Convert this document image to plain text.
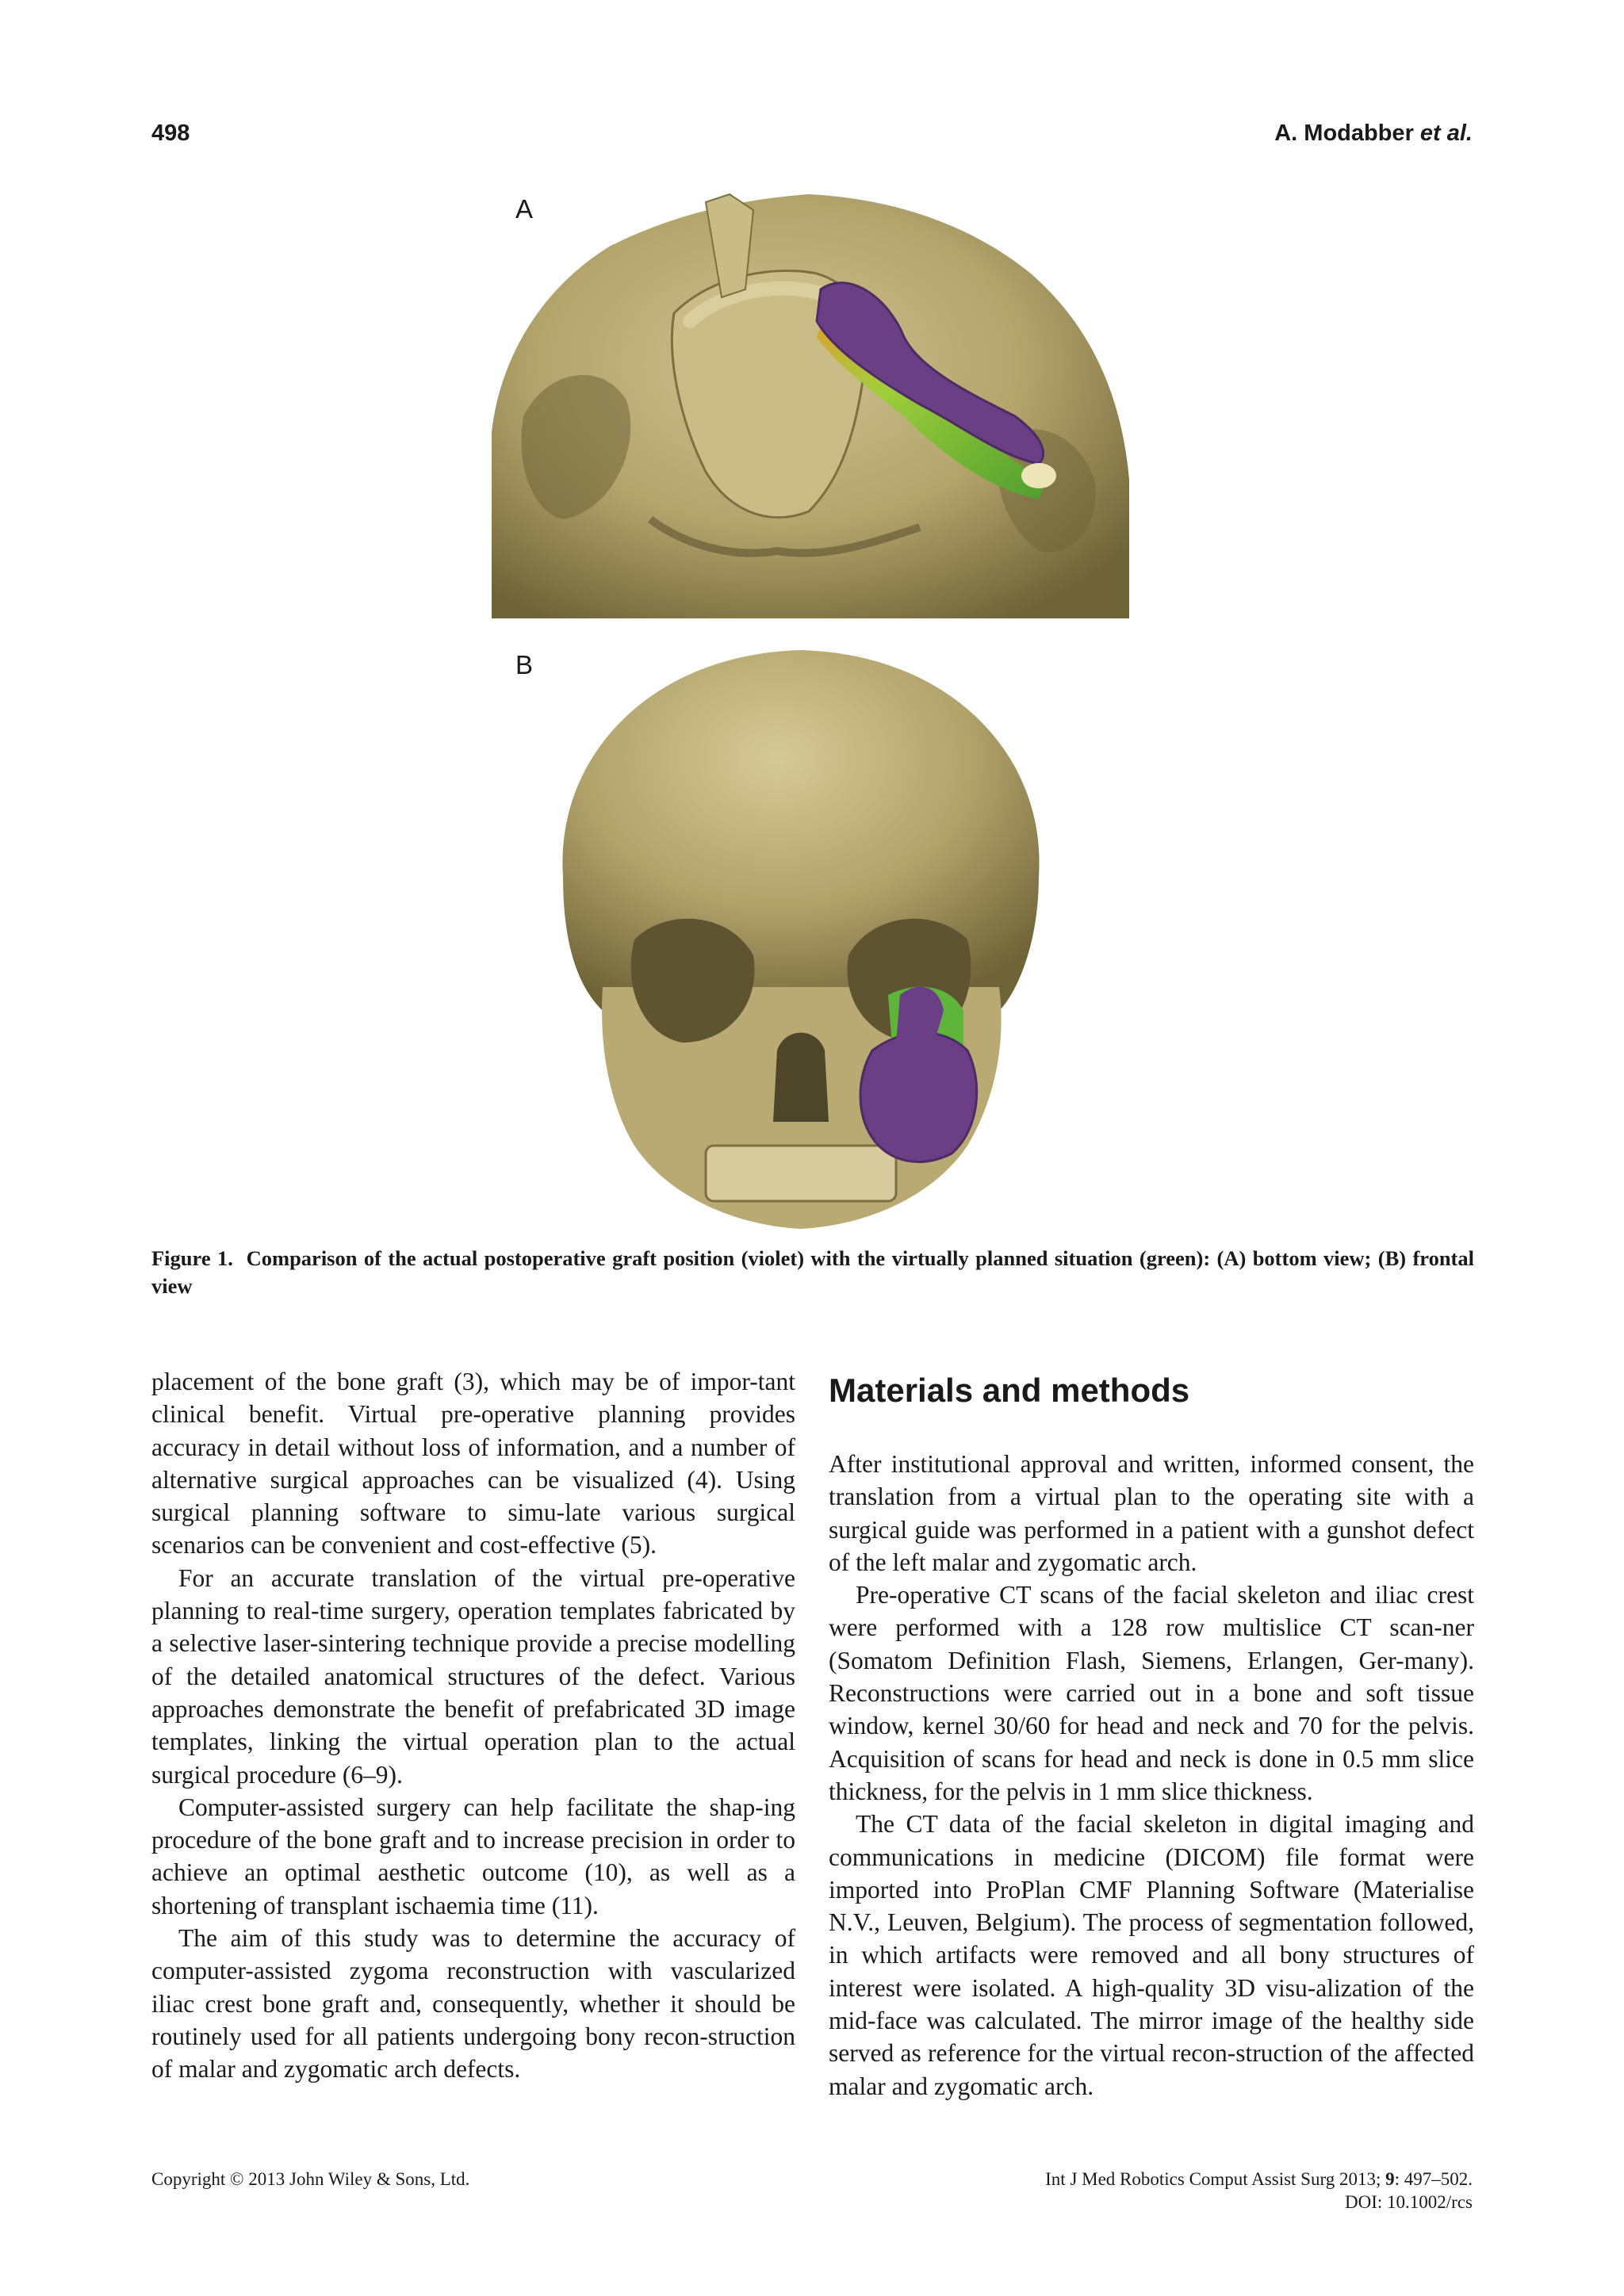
498	A. Modabber et al.
A
B
Figure 1. Comparison of the actual postoperative graft position (violet) with the virtually planned situation (green): (A) bottom view; (B) frontal view

placement of the bone graft (3), which may be of impor-tant clinical benefit. Virtual pre-operative planning provides accuracy in detail without loss of information, and a number of alternative surgical approaches can be visualized (4). Using surgical planning software to simu-late various surgical scenarios can be convenient and cost-effective (5).

For an accurate translation of the virtual pre-operative planning to real-time surgery, operation templates fabricated by a selective laser-sintering technique provide a precise modelling of the detailed anatomical structures of the defect. Various approaches demonstrate the benefit of prefabricated 3D image templates, linking the virtual operation plan to the actual surgical procedure (6–9).

Computer-assisted surgery can help facilitate the shap-ing procedure of the bone graft and to increase precision in order to achieve an optimal aesthetic outcome (10), as well as a shortening of transplant ischaemia time (11).

The aim of this study was to determine the accuracy of computer-assisted zygoma reconstruction with vascularized iliac crest bone graft and, consequently, whether it should be routinely used for all patients undergoing bony recon-struction of malar and zygomatic arch defects.

Materials and methods

After institutional approval and written, informed consent, the translation from a virtual plan to the operating site with a surgical guide was performed in a patient with a gunshot defect of the left malar and zygomatic arch.

Pre-operative CT scans of the facial skeleton and iliac crest were performed with a 128 row multislice CT scan-ner (Somatom Definition Flash, Siemens, Erlangen, Ger-many). Reconstructions were carried out in a bone and soft tissue window, kernel 30/60 for head and neck and 70 for the pelvis. Acquisition of scans for head and neck is done in 0.5 mm slice thickness, for the pelvis in 1 mm slice thickness.

The CT data of the facial skeleton in digital imaging and communications in medicine (DICOM) file format were imported into ProPlan CMF Planning Software (Materialise N.V., Leuven, Belgium). The process of segmentation followed, in which artifacts were removed and all bony structures of interest were isolated. A high-quality 3D visu-alization of the mid-face was calculated. The mirror image of the healthy side served as reference for the virtual recon-struction of the affected malar and zygomatic arch.

Copyright © 2013 John Wiley & Sons, Ltd.	Int J Med Robotics Comput Assist Surg 2013; 9: 497–502.
DOI: 10.1002/rcs
